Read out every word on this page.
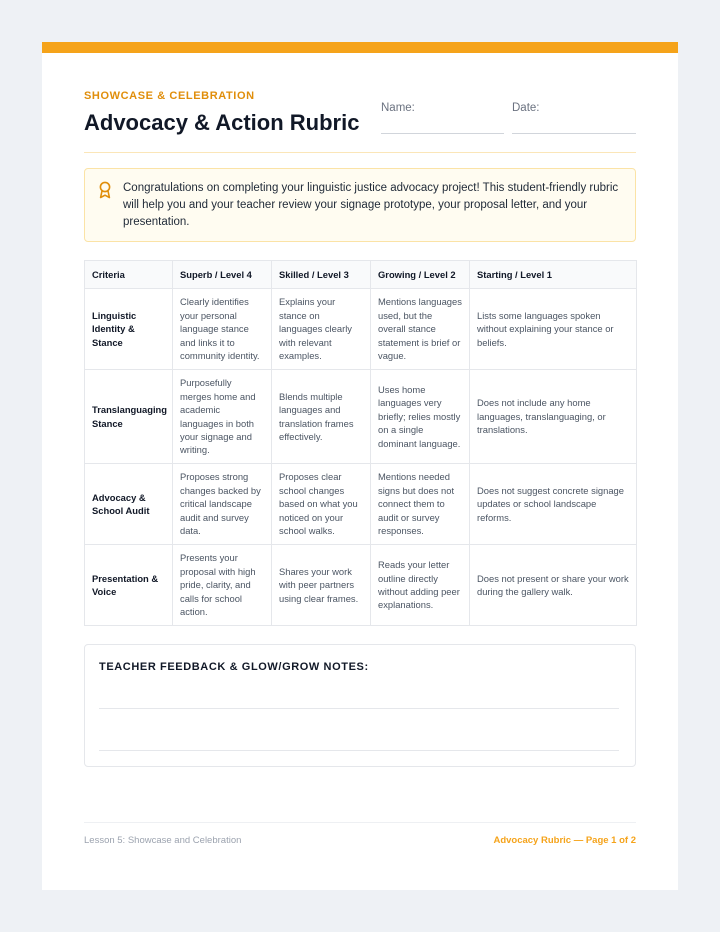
SHOWCASE & CELEBRATION
Advocacy & Action Rubric
Name:	Date:
Congratulations on completing your linguistic justice advocacy project! This student-friendly rubric will help you and your teacher review your signage prototype, your proposal letter, and your presentation.
Criteria	Superb / Level 4	Skilled / Level 3	Growing / Level 2	Starting / Level 1
Linguistic Identity & Stance	Clearly identifies your personal language stance and links it to community identity.	Explains your stance on languages clearly with relevant examples.	Mentions languages used, but the overall stance statement is brief or vague.	Lists some languages spoken without explaining your stance or beliefs.
Translanguaging Stance	Purposefully merges home and academic languages in both your signage and writing.	Blends multiple languages and translation frames effectively.	Uses home languages very briefly; relies mostly on a single dominant language.	Does not include any home languages, translanguaging, or translations.
Advocacy & School Audit	Proposes strong changes backed by critical landscape audit and survey data.	Proposes clear school changes based on what you noticed on your school walks.	Mentions needed signs but does not connect them to audit or survey responses.	Does not suggest concrete signage updates or school landscape reforms.
Presentation & Voice	Presents your proposal with high pride, clarity, and calls for school action.	Shares your work with peer partners using clear frames.	Reads your letter outline directly without adding peer explanations.	Does not present or share your work during the gallery walk.
TEACHER FEEDBACK & GLOW/GROW NOTES:
Lesson 5: Showcase and Celebration	Advocacy Rubric — Page 1 of 2
